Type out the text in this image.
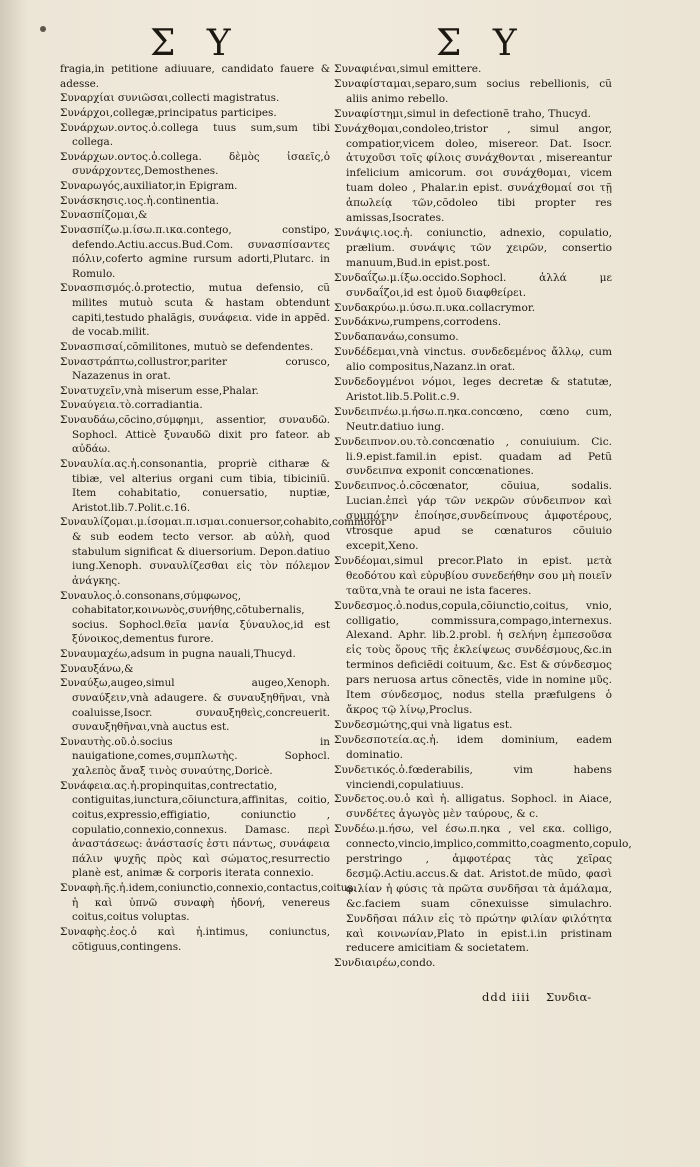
Σ Υ	Σ Υ

fragia,in petitione adiuuare, candidato fauere & adesse.

Συναρχίαι συνιῶσαι,collecti magistratus.

Συνάρχοι,collegæ,principatus participes.

Συνάρχων.οντος.ὁ.collega tuus sum,sum tibi collega.

Συνάρχων.οντος.ὁ.collega. δὲμὸς ἰσαεῖς,ὁ συνάρχοντες,Demosthenes.

Συναρωγός,auxiliator,in Epigram.

Συνάσκησις.ιος.ἡ.continentia.

Συνασπίζομαι,&

Συνασπίζω.μ.ίσω.π.ικα.contego, constipo, defendo.Actiu.accus.Bud.Com. συνασπίσαντες πόλιν,coferto agmine rursum adorti,Plutarc. in Romulo.

Συνασπισμός.ὁ.protectio, mutua defensio, cũ milites mutuò scuta & hastam obtendunt capiti,testudo phalãgis, συνάφεια. vide in appẽd. de vocab.milit.

Συνασπισαί,cõmilitones, mutuò se defendentes.

Συναστράπτω,collustror,pariter corusco, Nazazenus in orat.

Συνατυχεῖν,vnà miserum esse,Phalar.

Συναύγεια.τὸ.corradiantia.

Συναυδάω,cõcino,σύμφημι, assentior, συναυδῶ. Sophocl. Atticè ξυναυδῶ dixit pro fateor. ab αὐδάω.

Συναυλία.ας.ἡ.consonantia, propriè citharæ & tibiæ, vel alterius organi cum tibia, tibiciniũ. Item cohabitatio, conuersatio, nuptiæ, Aristot.lib.7.Polit.c.16.

Συναυλίζομαι.μ.ίσομαι.π.ισμαι.conuersor,cohabito,commoror & sub eodem tecto versor. ab αὐλὴ, quod stabulum significat & diuersorium. Depon.datiuo iung.Xenoph. συναυλίζεσθαι εἰς τὸν πόλεμον ἀνάγκης.

Συναυλος.ὁ.consonans,σύμφωνος, cohabitator,κοινωνὸς,συνήθης,cõtubernalis, socius. Sophocl.θεῖα μανία ξύναυλος,id est ξύνοικος,dementus furore.

Συναυμαχέω,adsum in pugna nauali,Thucyd.

Συναυξάνω,&

Συναύξω,augeo,simul augeo,Xenoph. συναύξειν,vnà adaugere. & συναυξηθῆναι, vnà coaluisse,Isocr. συναυξηθεὶς,concreuerit. συναυξηθῆναι,vnà auctus est.

Συναυτὴς.οῦ.ὁ.socius in nauigatione,comes,συμπλωτὴς. Sophocl. χαλεπὸς ἄναξ τινὸς συναύτης,Doricè.

Συνάφεια.ας.ἡ.propinquitas,contrectatio, contiguitas,iunctura,cõiunctura,affinitas, coitio, coitus,expressio,effigiatio, coniunctio , copulatio,connexio,connexus. Damasc. περὶ ἀναστάσεως: ἀνάστασίς ἐστι πάντως, συνάφεια πάλιν ψυχῆς πρὸς καὶ σώματος,resurrectio planè est, animæ & corporis iterata connexio.

Συναφὴ.ῆς.ἡ.idem,coniunctio,connexio,contactus,coitus. ἡ καὶ ὑπνῶ συναφὴ ἡδονή, venereus coitus,coitus voluptas.

Συναφὴς.ἐος.ὁ καὶ ἡ.intimus, coniunctus, cõtiguus,contingens.

Συναφιέναι,simul emittere.

Συναφίσταμαι,separo,sum socius rebellionis, cũ aliis animo rebello.

Συναφίστημι,simul in defectionẽ traho, Thucyd.

Συνάχθομαι,condoleo,tristor , simul angor, compatior,vicem doleo, misereor. Dat. Isocr. ἀτυχοῦσι τοῖς φίλοις συνάχθονται , misereantur infelicium amicorum. σοι συνάχθομαι, vicem tuam doleo , Phalar.in epist. συνάχθομαί σοι τῇ ἀπωλείᾳ τῶν,cõdoleo tibi propter res amissas,Isocrates.

Συνάψις.ιος.ἡ. coniunctio, adnexio, copulatio, prælium. συνάψις τῶν χειρῶν, consertio manuum,Bud.in epist.post.

Συνδαΐζω.μ.ίξω.occido.Sophocl. ἀλλά με συνδαΐζοι,id est ὁμοῦ διαφθείρει.

Συνδακρύω.μ.ύσω.π.υκα.collacrymor.

Συνδάκνω,rumpens,corrodens.

Συνδαπανάω,consumo.

Συνδέδεμαι,vnà vinctus. συνδεδεμένος ἄλλῳ, cum alio compositus,Nazanz.in orat.

Συνδεδογμένοι νόμοι, leges decretæ & statutæ, Aristot.lib.5.Polit.c.9.

Συνδειπνέω.μ.ήσω.π.ηκα.concœno, cœno cum, Neutr.datiuo iung.

Συνδειπνον.ου.τὸ.concœnatio , conuiuium. Cic. li.9.epist.famil.in epist. quadam ad Petũ συνδειπνα exponit concœnationes.

Συνδειπνος.ὁ.cõcœnator, cõuiua, sodalis. Lucian.ἐπεὶ γάρ τῶν νεκρῶν σύνδειπνον καὶ συμπότην ἐποίησε,συνδείπνους ἀμφοτέρους, vtrosque apud se cœnaturos cõuiuio excepit,Xeno.

Συνδέομαι,simul precor.Plato in epist. μετὰ θεοδότου καὶ εὐρυβίου συνεδεήθην σου μὴ ποιεῖν ταῦτα,vnà te oraui ne ista faceres.

Συνδεσμος.ὁ.nodus,copula,cõiunctio,coitus, vnio, colligatio, commissura,compago,internexus. Alexand. Aphr. lib.2.probl. ἡ σελήνη ἐμπεσοῦσα εἰς τοὺς ὅρους τῆς ἐκλείψεως συνδέσμους,&c.in terminos deficiẽdi coituum, &c. Est & σύνδεσμος pars neruosa artus cõnectẽs, vide in nomine μῦς. Item σύνδεσμος, nodus stella præfulgens ὁ ἄκρος τῷ λίνῳ,Proclus.

Συνδεσμώτης,qui vnà ligatus est.

Συνδεσποτεία.ας.ἡ. idem dominium, eadem dominatio.

Συνδετικός.ὁ.fœderabilis, vim habens vinciendi,copulatiuus.

Συνδετος.ου.ὁ καὶ ἡ. alligatus. Sophocl. in Aiace, συνδέτες ἀγωγὸς μὲν ταύρους, & c.

Συνδέω.μ.ήσω, vel έσω.π.ηκα , vel εκα. colligo, connecto,vincio,implico,committo,coagmento,copulo, perstringo , ἀμφοτέρας τὰς χεῖρας δεσμῷ.Actiu.accus.& dat. Aristot.de mũdo, φασὶ φιλίαν ἡ φύσις τὰ πρῶτα συνδῆσαι τὰ ἀμάλαμα, &c.faciem suam cõnexuisse simulachro. Συνδῆσαι πάλιν εἰς τὸ πρώτην φιλίαν φιλότητα καὶ κοινωνίαν,Plato in epist.i.in pristinam reducere amicitiam & societatem.

Συνδιαιρέω,condo.

ddd iiii Συνδια-
